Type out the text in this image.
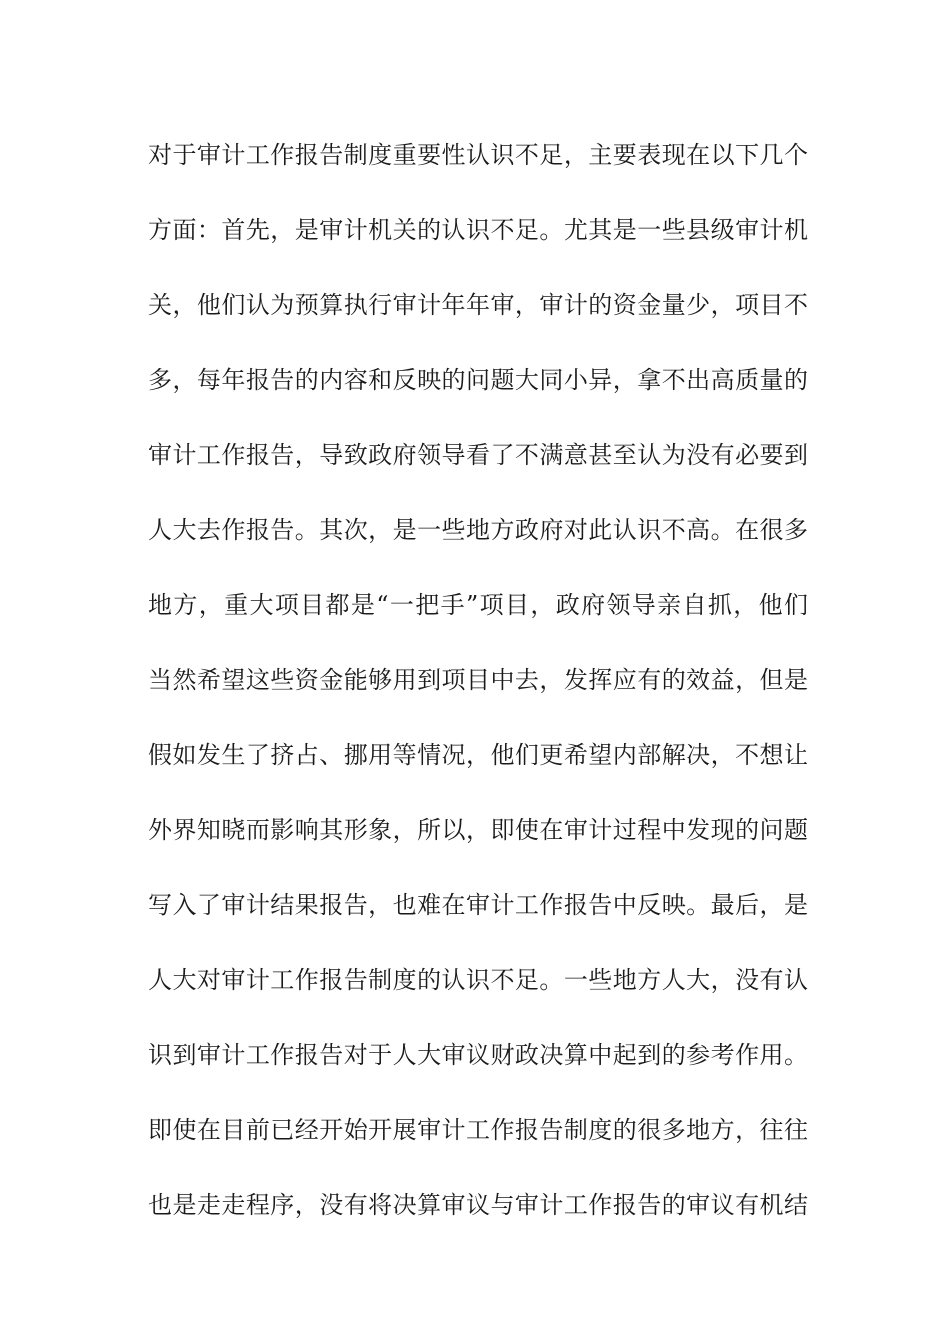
对于审计工作报告制度重要性认识不足，主要表现在以下几个
方面：首先，是审计机关的认识不足。尤其是一些县级审计机
关，他们认为预算执行审计年年审，审计的资金量少，项目不
多，每年报告的内容和反映的问题大同小异，拿不出高质量的
审计工作报告，导致政府领导看了不满意甚至认为没有必要到
人大去作报告。其次，是一些地方政府对此认识不高。在很多
地方，重大项目都是“一把手”项目，政府领导亲自抓，他们
当然希望这些资金能够用到项目中去，发挥应有的效益，但是
假如发生了挤占、挪用等情况，他们更希望内部解决，不想让
外界知晓而影响其形象，所以，即使在审计过程中发现的问题
写入了审计结果报告，也难在审计工作报告中反映。最后，是
人大对审计工作报告制度的认识不足。一些地方人大，没有认
识到审计工作报告对于人大审议财政决算中起到的参考作用。
即使在目前已经开始开展审计工作报告制度的很多地方，往往
也是走走程序，没有将决算审议与审计工作报告的审议有机结
